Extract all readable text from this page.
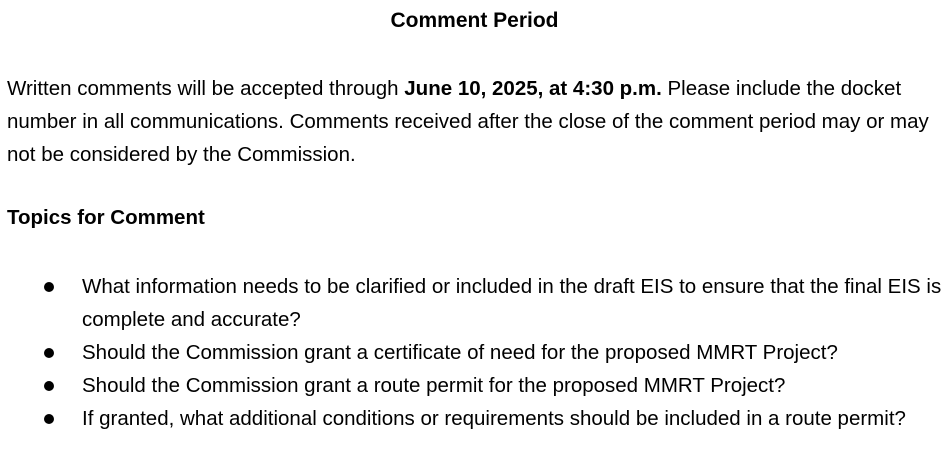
Comment Period

Written comments will be accepted through June 10, 2025, at 4:30 p.m. Please include the docket number in all communications. Comments received after the close of the comment period may or may not be considered by the Commission.

Topics for Comment
What information needs to be clarified or included in the draft EIS to ensure that the final EIS is complete and accurate?
Should the Commission grant a certificate of need for the proposed MMRT Project?
Should the Commission grant a route permit for the proposed MMRT Project?
If granted, what additional conditions or requirements should be included in a route permit?
